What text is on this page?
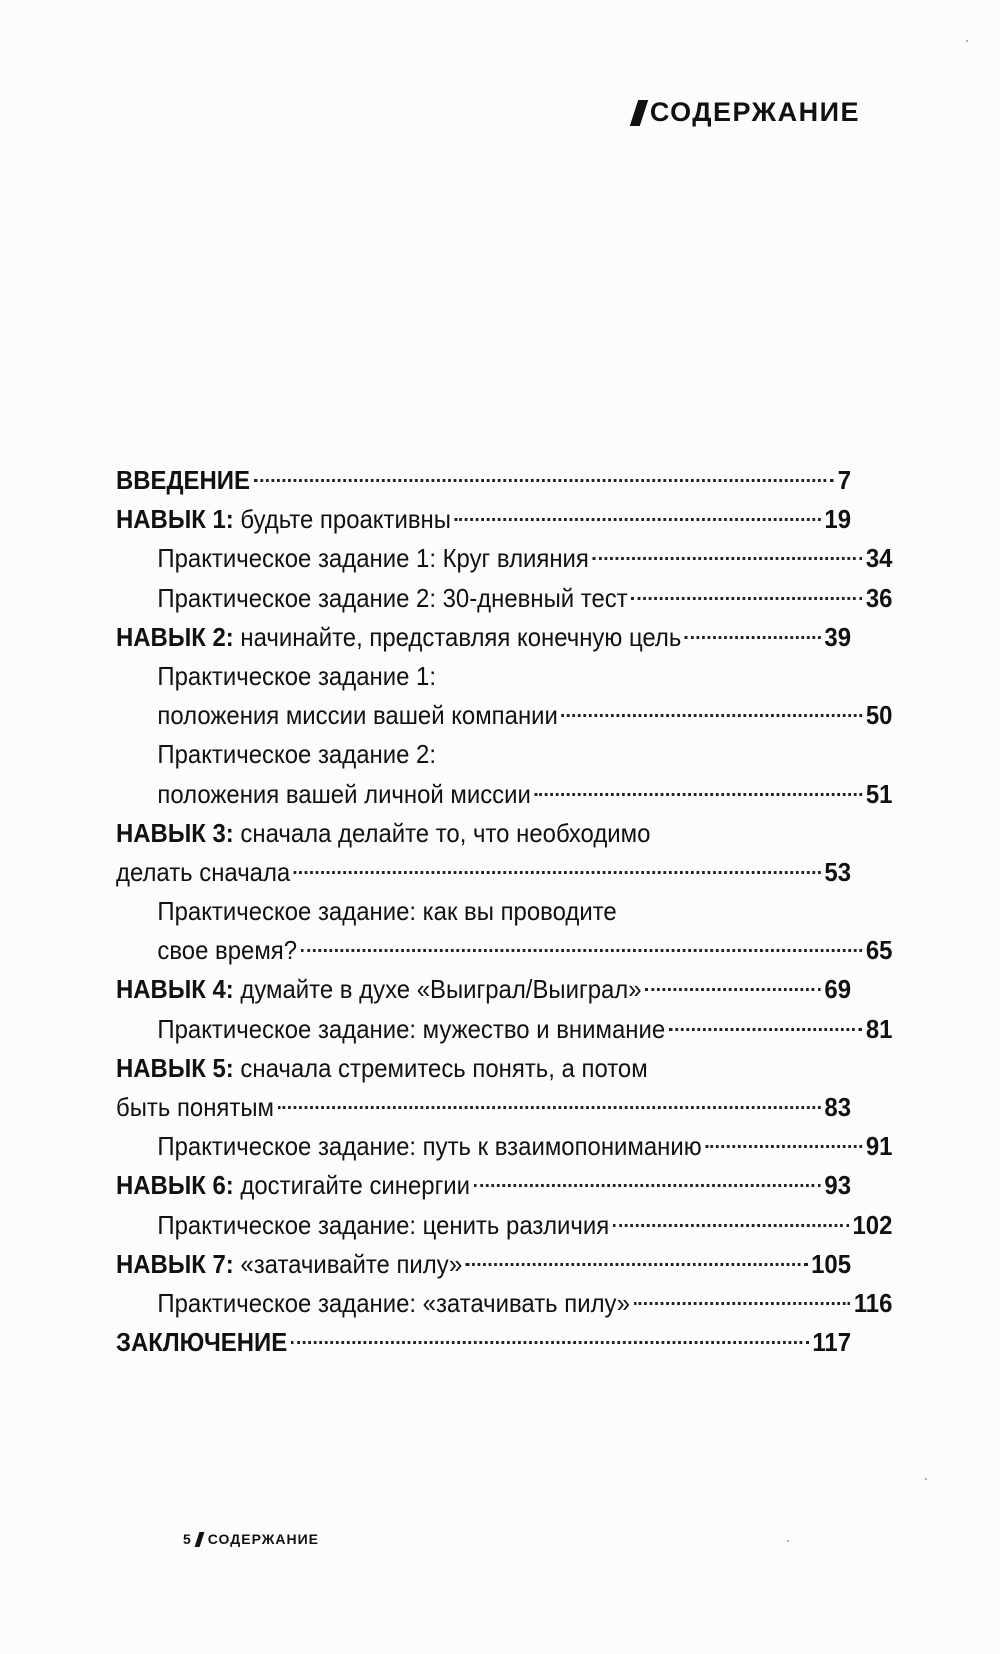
СОДЕРЖАНИЕ
ВВЕДЕНИЕ	7
НАВЫК 1: будьте проактивны	19
Практическое задание 1: Круг влияния	34
Практическое задание 2: 30-дневный тест	36
НАВЫК 2: начинайте, представляя конечную цель	39
Практическое задание 1:
положения миссии вашей компании	50
Практическое задание 2:
положения вашей личной миссии	51
НАВЫК 3: сначала делайте то, что необходимо
делать сначала	53
Практическое задание: как вы проводите
свое время?	65
НАВЫК 4: думайте в духе «Выиграл/Выиграл»	69
Практическое задание: мужество и внимание	81
НАВЫК 5: сначала стремитесь понять, а потом
быть понятым	83
Практическое задание: путь к взаимопониманию	91
НАВЫК 6: достигайте синергии	93
Практическое задание: ценить различия	102
НАВЫК 7: «затачивайте пилу»	105
Практическое задание: «затачивать пилу»	116
ЗАКЛЮЧЕНИЕ	117
5 СОДЕРЖАНИЕ
